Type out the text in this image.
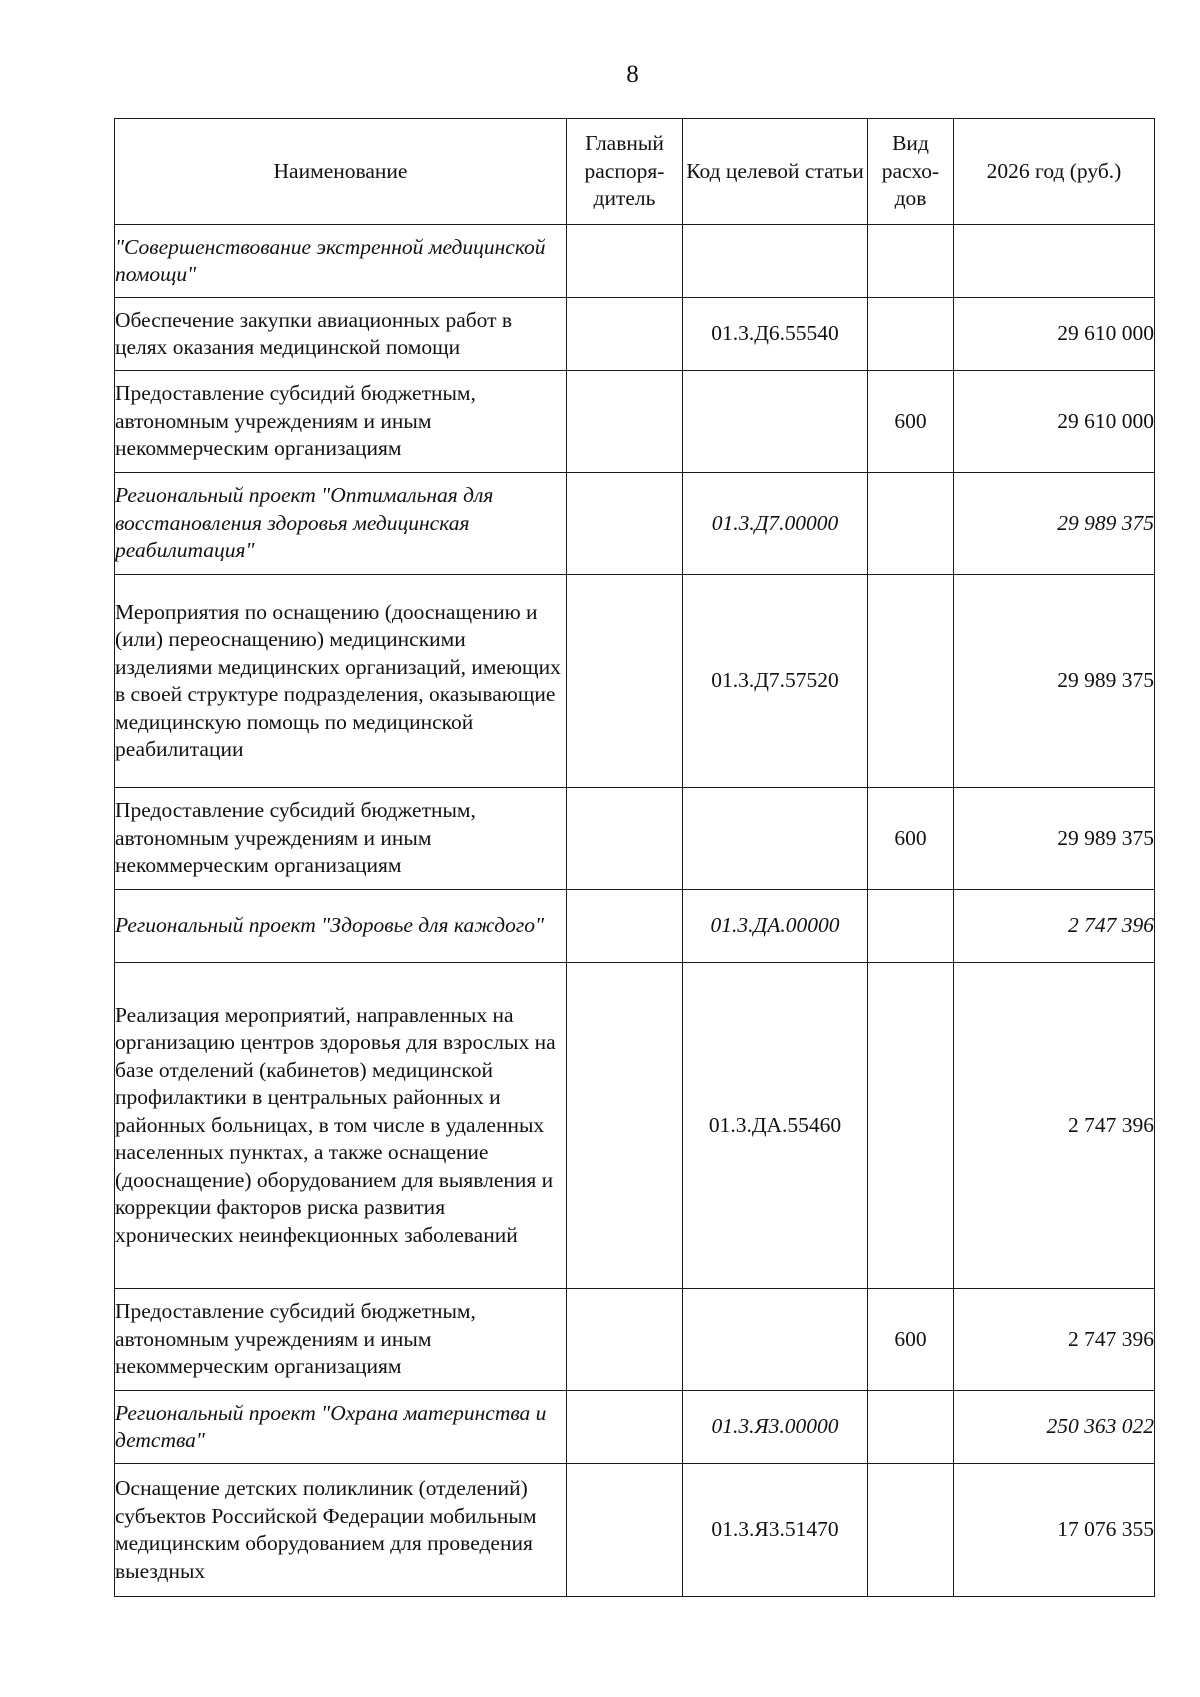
8
Наименование	Главный распоря-дитель	Код целевой статьи	Вид расхо-дов	2026 год (руб.)

"Совершенствование экстренной медицинской помощи"				

Обеспечение закупки авиационных работ в целях оказания медицинской помощи		01.3.Д6.55540		29 610 000

Предоставление субсидий бюджетным, автономным учреждениям и иным некоммерческим организациям			600	29 610 000

Региональный проект "Оптимальная для восстановления здоровья медицинская реабилитация"		01.3.Д7.00000		29 989 375

Мероприятия по оснащению (дооснащению и (или) переоснащению) медицинскими изделиями медицинских организаций, имеющих в своей структуре подразделения, оказывающие медицинскую помощь по медицинской реабилитации		01.3.Д7.57520		29 989 375

Предоставление субсидий бюджетным, автономным учреждениям и иным некоммерческим организациям			600	29 989 375

Региональный проект "Здоровье для каждого"		01.3.ДА.00000		2 747 396

Реализация мероприятий, направленных на организацию центров здоровья для взрослых на базе отделений (кабинетов) медицинской профилактики в центральных районных и районных больницах, в том числе в удаленных населенных пунктах, а также оснащение (дооснащение) оборудованием для выявления и коррекции факторов риска развития хронических неинфекционных заболеваний		01.3.ДА.55460		2 747 396

Предоставление субсидий бюджетным, автономным учреждениям и иным некоммерческим организациям			600	2 747 396

Региональный проект "Охрана материнства и детства"		01.3.Я3.00000		250 363 022

Оснащение детских поликлиник (отделений) субъектов Российской Федерации мобильным медицинским оборудованием для проведения выездных		01.3.Я3.51470		17 076 355
